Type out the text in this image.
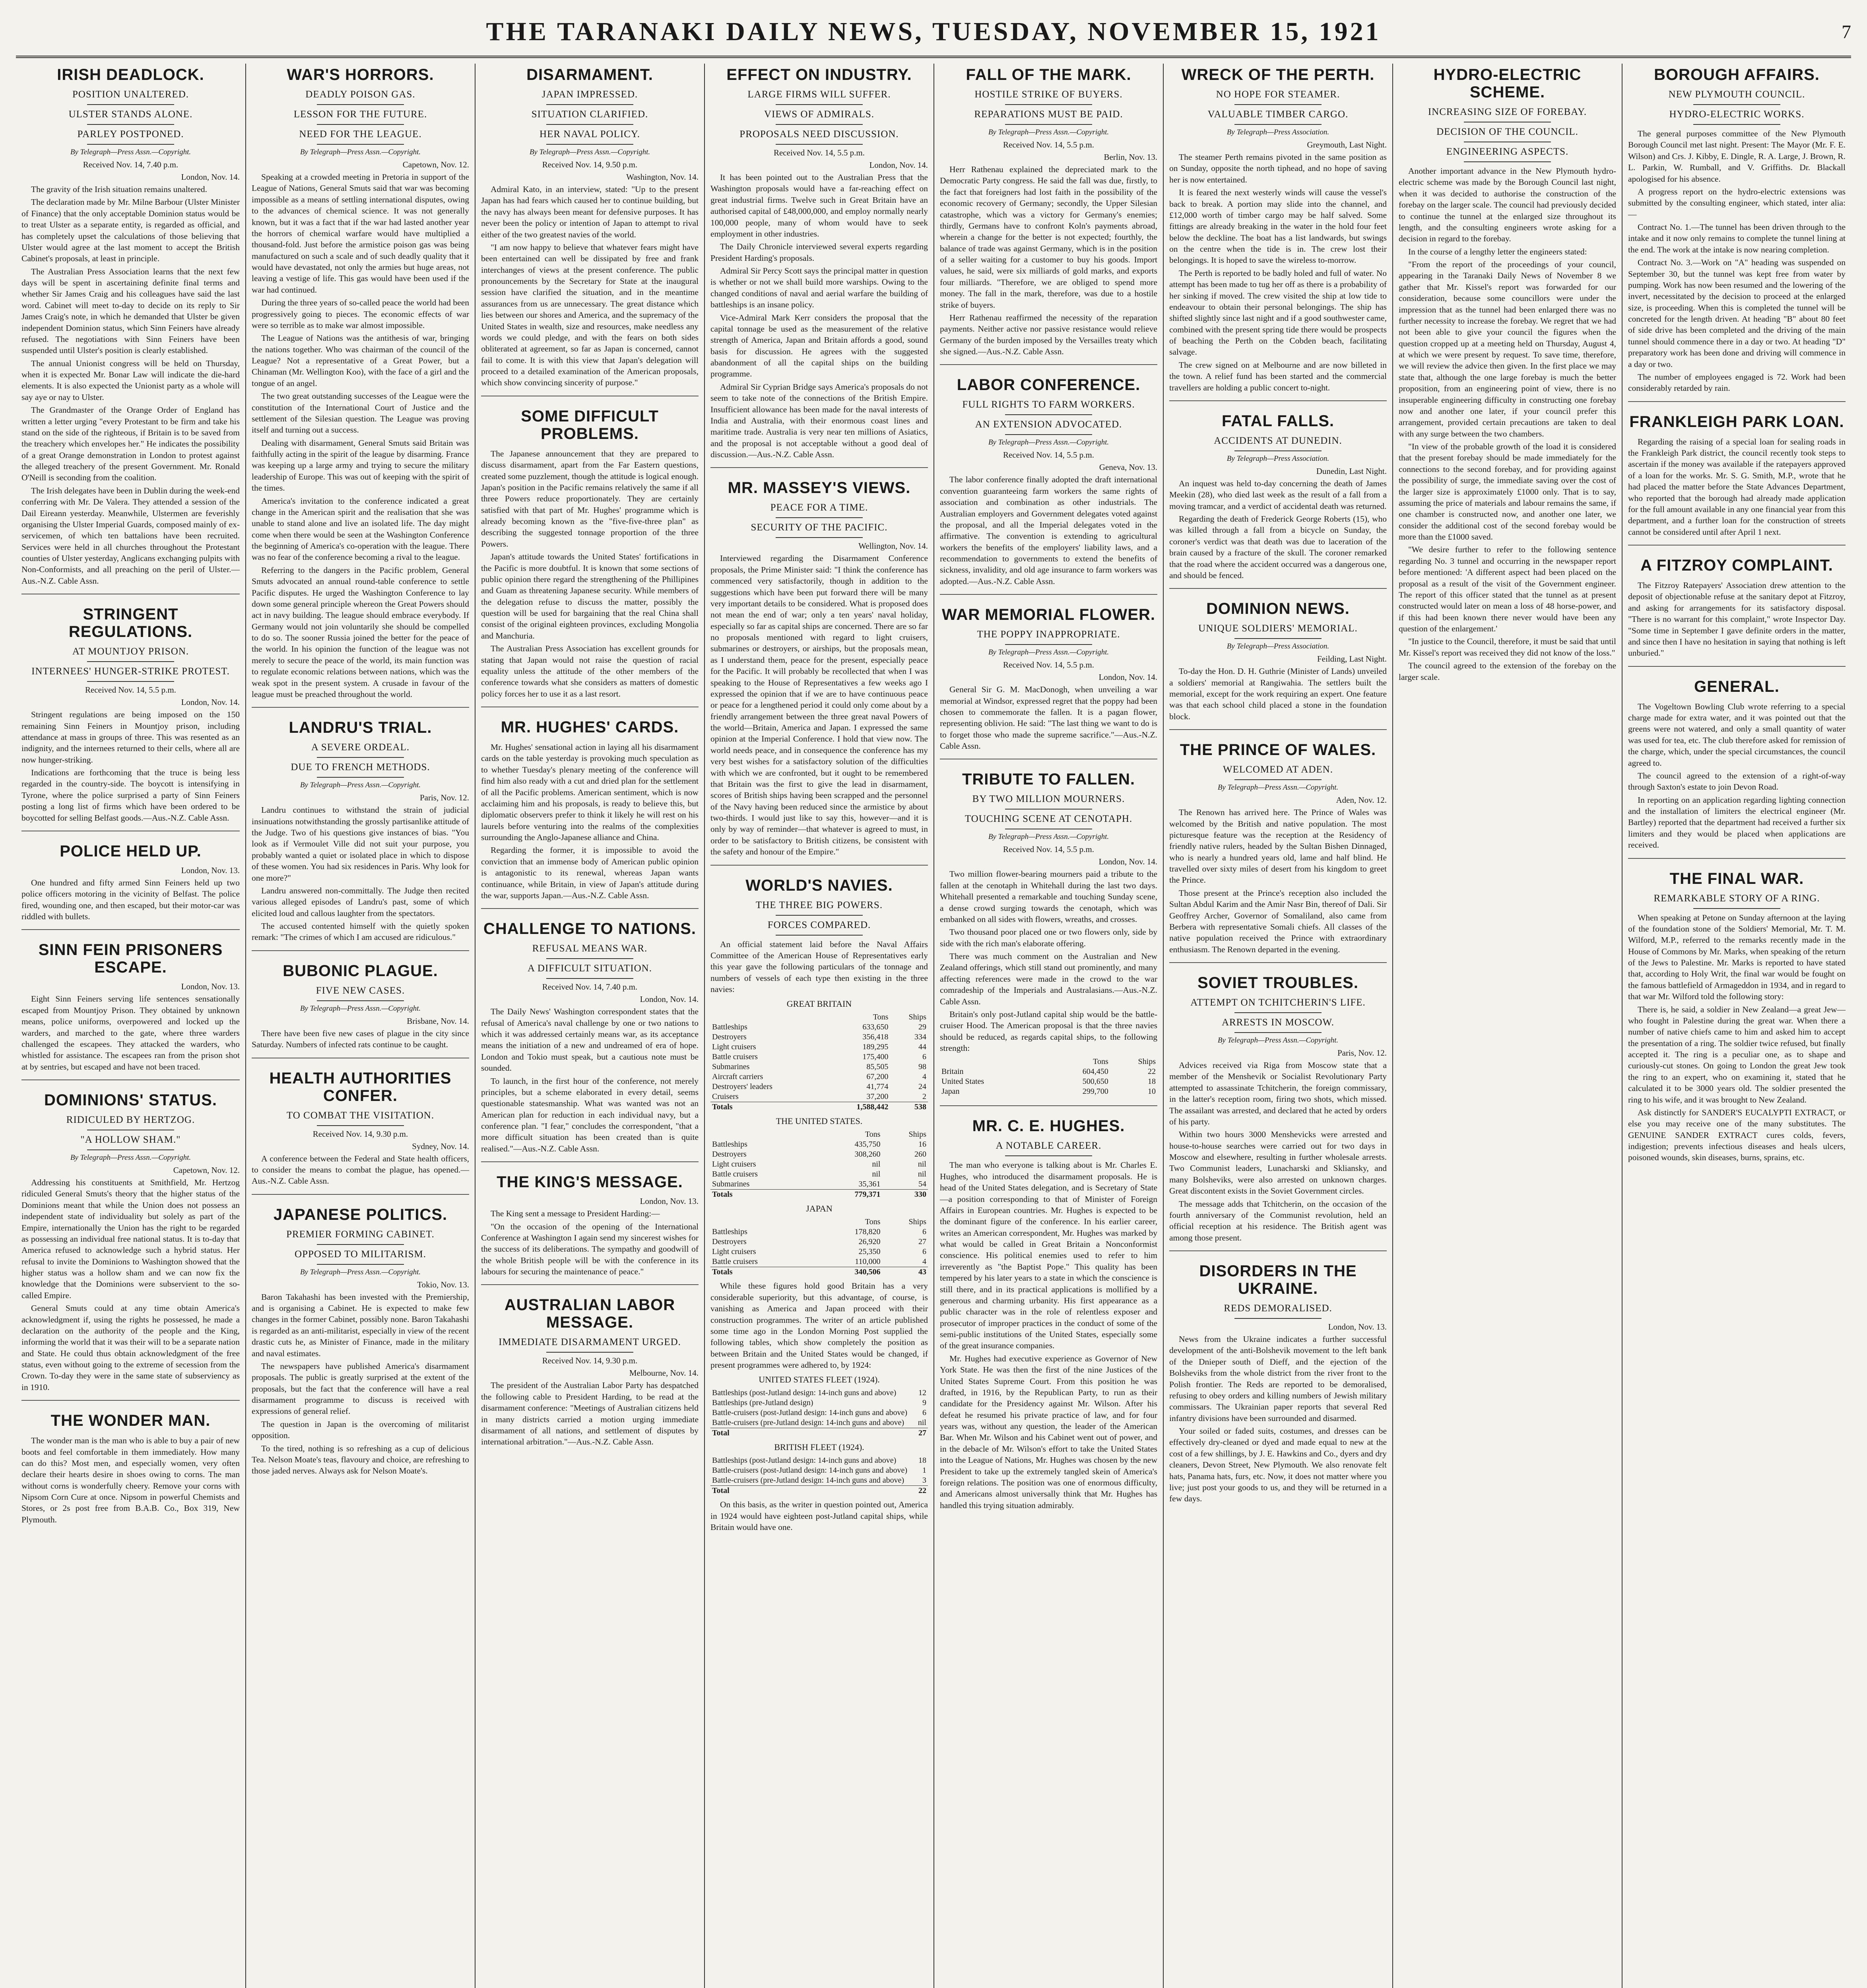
THE TARANAKI DAILY NEWS, TUESDAY, NOVEMBER 15, 1921	7
IRISH DEADLOCK.
POSITION UNALTERED.
ULSTER STANDS ALONE.
PARLEY POSTPONED.
By Telegraph—Press Assn.—Copyright.
Received Nov. 14, 7.40 p.m.
London, Nov. 14.

The gravity of the Irish situation remains unaltered.

The declaration made by Mr. Milne Barbour (Ulster Minister of Finance) that the only acceptable Dominion status would be to treat Ulster as a separate entity, is regarded as official, and has completely upset the calculations of those believing that Ulster would agree at the last moment to accept the British Cabinet's proposals, at least in principle.

The Australian Press Association learns that the next few days will be spent in ascertaining definite final terms and whether Sir James Craig and his colleagues have said the last word. Cabinet will meet to-day to decide on its reply to Sir James Craig's note, in which he demanded that Ulster be given independent Dominion status, which Sinn Feiners have already refused. The negotiations with Sinn Feiners have been suspended until Ulster's position is clearly established.

The annual Unionist congress will be held on Thursday, when it is expected Mr. Bonar Law will indicate the die-hard elements. It is also expected the Unionist party as a whole will say aye or nay to Ulster.

The Grandmaster of the Orange Order of England has written a letter urging "every Protestant to be firm and take his stand on the side of the righteous, if Britain is to be saved from the treachery which envelopes her." He indicates the possibility of a great Orange demonstration in London to protest against the alleged treachery of the present Government. Mr. Ronald O'Neill is seconding from the coalition.

The Irish delegates have been in Dublin during the week-end conferring with Mr. De Valera. They attended a session of the Dail Eireann yesterday. Meanwhile, Ulstermen are feverishly organising the Ulster Imperial Guards, composed mainly of ex-servicemen, of which ten battalions have been recruited. Services were held in all churches throughout the Protestant counties of Ulster yesterday, Anglicans exchanging pulpits with Non-Conformists, and all preaching on the peril of Ulster.—Aus.-N.Z. Cable Assn.

STRINGENT REGULATIONS.
AT MOUNTJOY PRISON.
INTERNEES' HUNGER-STRIKE PROTEST.
Received Nov. 14, 5.5 p.m.
London, Nov. 14.

Stringent regulations are being imposed on the 150 remaining Sinn Feiners in Mountjoy prison, including attendance at mass in groups of three. This was resented as an indignity, and the internees returned to their cells, where all are now hunger-striking.

Indications are forthcoming that the truce is being less regarded in the country-side. The boycott is intensifying in Tyrone, where the police surprised a party of Sinn Feiners posting a long list of firms which have been ordered to be boycotted for selling Belfast goods.—Aus.-N.Z. Cable Assn.

POLICE HELD UP.
London, Nov. 13.

One hundred and fifty armed Sinn Feiners held up two police officers motoring in the vicinity of Belfast. The police fired, wounding one, and then escaped, but their motor-car was riddled with bullets.

SINN FEIN PRISONERS ESCAPE.
London, Nov. 13.

Eight Sinn Feiners serving life sentences sensationally escaped from Mountjoy Prison. They obtained by unknown means, police uniforms, overpowered and locked up the warders, and marched to the gate, where three warders challenged the escapees. They attacked the warders, who whistled for assistance. The escapees ran from the prison shot at by sentries, but escaped and have not been traced.

DOMINIONS' STATUS.
RIDICULED BY HERTZOG.
"A HOLLOW SHAM."
By Telegraph—Press Assn.—Copyright.
Capetown, Nov. 12.

Addressing his constituents at Smithfield, Mr. Hertzog ridiculed General Smuts's theory that the higher status of the Dominions meant that while the Union does not possess an independent state of individuality but solely as part of the Empire, internationally the Union has the right to be regarded as possessing an individual free national status. It is to-day that America refused to acknowledge such a hybrid status. Her refusal to invite the Dominions to Washington showed that the higher status was a hollow sham and we can now fix the knowledge that the Dominions were subservient to the so-called Empire.

General Smuts could at any time obtain America's acknowledgment if, using the rights he possessed, he made a declaration on the authority of the people and the King, informing the world that it was their will to be a separate nation and State. He could thus obtain acknowledgment of the free status, even without going to the extreme of secession from the Crown. To-day they were in the same state of subserviency as in 1910.

THE WONDER MAN.

The wonder man is the man who is able to buy a pair of new boots and feel comfortable in them immediately. How many can do this? Most men, and especially women, very often declare their hearts desire in shoes owing to corns. The man without corns is wonderfully cheery. Remove your corns with Nipsom Corn Cure at once. Nipsom in powerful Chemists and Stores, or 2s post free from B.A.B. Co., Box 319, New Plymouth.

WAR'S HORRORS.
DEADLY POISON GAS.
LESSON FOR THE FUTURE.
NEED FOR THE LEAGUE.
By Telegraph—Press Assn.—Copyright.
Capetown, Nov. 12.

Speaking at a crowded meeting in Pretoria in support of the League of Nations, General Smuts said that war was becoming impossible as a means of settling international disputes, owing to the advances of chemical science. It was not generally known, but it was a fact that if the war had lasted another year the horrors of chemical warfare would have multiplied a thousand-fold. Just before the armistice poison gas was being manufactured on such a scale and of such deadly quality that it would have devastated, not only the armies but huge areas, not leaving a vestige of life. This gas would have been used if the war had continued.

During the three years of so-called peace the world had been progressively going to pieces. The economic effects of war were so terrible as to make war almost impossible.

The League of Nations was the antithesis of war, bringing the nations together. Who was chairman of the council of the League? Not a representative of a Great Power, but a Chinaman (Mr. Wellington Koo), with the face of a girl and the tongue of an angel.

The two great outstanding successes of the League were the constitution of the International Court of Justice and the settlement of the Silesian question. The League was proving itself and turning out a success.

Dealing with disarmament, General Smuts said Britain was faithfully acting in the spirit of the league by disarming. France was keeping up a large army and trying to secure the military leadership of Europe. This was out of keeping with the spirit of the times.

America's invitation to the conference indicated a great change in the American spirit and the realisation that she was unable to stand alone and live an isolated life. The day might come when there would be seen at the Washington Conference the beginning of America's co-operation with the league. There was no fear of the conference becoming a rival to the league.

Referring to the dangers in the Pacific problem, General Smuts advocated an annual round-table conference to settle Pacific disputes. He urged the Washington Conference to lay down some general principle whereon the Great Powers should act in navy building. The league should embrace everybody. If Germany would not join voluntarily she should be compelled to do so. The sooner Russia joined the better for the peace of the world. In his opinion the function of the league was not merely to secure the peace of the world, its main function was to regulate economic relations between nations, which was the weak spot in the present system. A crusade in favour of the league must be preached throughout the world.

LANDRU'S TRIAL.
A SEVERE ORDEAL.
DUE TO FRENCH METHODS.
By Telegraph—Press Assn.—Copyright.
Paris, Nov. 12.

Landru continues to withstand the strain of judicial insinuations notwithstanding the grossly partisanlike attitude of the Judge. Two of his questions give instances of bias. "You look as if Vermoulet Ville did not suit your purpose, you probably wanted a quiet or isolated place in which to dispose of these women. You had six residences in Paris. Why look for one more?"

Landru answered non-committally. The Judge then recited various alleged episodes of Landru's past, some of which elicited loud and callous laughter from the spectators.

The accused contented himself with the quietly spoken remark: "The crimes of which I am accused are ridiculous."

BUBONIC PLAGUE.
FIVE NEW CASES.
By Telegraph—Press Assn.—Copyright.
Brisbane, Nov. 14.

There have been five new cases of plague in the city since Saturday. Numbers of infected rats continue to be caught.

HEALTH AUTHORITIES CONFER.
TO COMBAT THE VISITATION.
Received Nov. 14, 9.30 p.m.
Sydney, Nov. 14.

A conference between the Federal and State health officers, to consider the means to combat the plague, has opened.—Aus.-N.Z. Cable Assn.

JAPANESE POLITICS.
PREMIER FORMING CABINET.
OPPOSED TO MILITARISM.
By Telegraph—Press Assn.—Copyright.
Tokio, Nov. 13.

Baron Takahashi has been invested with the Premiership, and is organising a Cabinet. He is expected to make few changes in the former Cabinet, possibly none. Baron Takahashi is regarded as an anti-militarist, especially in view of the recent drastic cuts he, as Minister of Finance, made in the military and naval estimates.

The newspapers have published America's disarmament proposals. The public is greatly surprised at the extent of the proposals, but the fact that the conference will have a real disarmament programme to discuss is received with expressions of general relief.

The question in Japan is the overcoming of militarist opposition.

To the tired, nothing is so refreshing as a cup of delicious Tea. Nelson Moate's teas, flavoury and choice, are refreshing to those jaded nerves. Always ask for Nelson Moate's.

DISARMAMENT.
JAPAN IMPRESSED.
SITUATION CLARIFIED.
HER NAVAL POLICY.
By Telegraph—Press Assn.—Copyright.
Received Nov. 14, 9.50 p.m.
Washington, Nov. 14.

Admiral Kato, in an interview, stated: "Up to the present Japan has had fears which caused her to continue building, but the navy has always been meant for defensive purposes. It has never been the policy or intention of Japan to attempt to rival either of the two greatest navies of the world.

"I am now happy to believe that whatever fears might have been entertained can well be dissipated by free and frank interchanges of views at the present conference. The public pronouncements by the Secretary for State at the inaugural session have clarified the situation, and in the meantime assurances from us are unnecessary. The great distance which lies between our shores and America, and the supremacy of the United States in wealth, size and resources, make needless any words we could pledge, and with the fears on both sides obliterated at agreement, so far as Japan is concerned, cannot fail to come. It is with this view that Japan's delegation will proceed to a detailed examination of the American proposals, which show convincing sincerity of purpose."

SOME DIFFICULT PROBLEMS.

The Japanese announcement that they are prepared to discuss disarmament, apart from the Far Eastern questions, created some puzzlement, though the attitude is logical enough. Japan's position in the Pacific remains relatively the same if all three Powers reduce proportionately. They are certainly satisfied with that part of Mr. Hughes' programme which is already becoming known as the "five-five-three plan" as describing the suggested tonnage proportion of the three Powers.

Japan's attitude towards the United States' fortifications in the Pacific is more doubtful. It is known that some sections of public opinion there regard the strengthening of the Phillipines and Guam as threatening Japanese security. While members of the delegation refuse to discuss the matter, possibly the question will be used for bargaining that the real China shall consist of the original eighteen provinces, excluding Mongolia and Manchuria.

The Australian Press Association has excellent grounds for stating that Japan would not raise the question of racial equality unless the attitude of the other members of the conference towards what she considers as matters of domestic policy forces her to use it as a last resort.

MR. HUGHES' CARDS.

Mr. Hughes' sensational action in laying all his disarmament cards on the table yesterday is provoking much speculation as to whether Tuesday's plenary meeting of the conference will find him also ready with a cut and dried plan for the settlement of all the Pacific problems. American sentiment, which is now acclaiming him and his proposals, is ready to believe this, but diplomatic observers prefer to think it likely he will rest on his laurels before venturing into the realms of the complexities surrounding the Anglo-Japanese alliance and China.

Regarding the former, it is impossible to avoid the conviction that an immense body of American public opinion is antagonistic to its renewal, whereas Japan wants continuance, while Britain, in view of Japan's attitude during the war, supports Japan.—Aus.-N.Z. Cable Assn.

CHALLENGE TO NATIONS.
REFUSAL MEANS WAR.
A DIFFICULT SITUATION.
Received Nov. 14, 7.40 p.m.
London, Nov. 14.

The Daily News' Washington correspondent states that the refusal of America's naval challenge by one or two nations to which it was addressed certainly means war, as its acceptance means the initiation of a new and undreamed of era of hope. London and Tokio must speak, but a cautious note must be sounded.

To launch, in the first hour of the conference, not merely principles, but a scheme elaborated in every detail, seems questionable statesmanship. What was wanted was not an American plan for reduction in each individual navy, but a conference plan. "I fear," concludes the correspondent, "that a more difficult situation has been created than is quite realised."—Aus.-N.Z. Cable Assn.

THE KING'S MESSAGE.
London, Nov. 13.

The King sent a message to President Harding:—

"On the occasion of the opening of the International Conference at Washington I again send my sincerest wishes for the success of its deliberations. The sympathy and goodwill of the whole British people will be with the conference in its labours for securing the maintenance of peace."

AUSTRALIAN LABOR MESSAGE.
IMMEDIATE DISARMAMENT URGED.
Received Nov. 14, 9.30 p.m.
Melbourne, Nov. 14.

The president of the Australian Labor Party has despatched the following cable to President Harding, to be read at the disarmament conference: "Meetings of Australian citizens held in many districts carried a motion urging immediate disarmament of all nations, and settlement of disputes by international arbitration."—Aus.-N.Z. Cable Assn.

EFFECT ON INDUSTRY.
LARGE FIRMS WILL SUFFER.
VIEWS OF ADMIRALS.
PROPOSALS NEED DISCUSSION.
Received Nov. 14, 5.5 p.m.
London, Nov. 14.

It has been pointed out to the Australian Press that the Washington proposals would have a far-reaching effect on great industrial firms. Twelve such in Great Britain have an authorised capital of £48,000,000, and employ normally nearly 100,000 people, many of whom would have to seek employment in other industries.

The Daily Chronicle interviewed several experts regarding President Harding's proposals.

Admiral Sir Percy Scott says the principal matter in question is whether or not we shall build more warships. Owing to the changed conditions of naval and aerial warfare the building of battleships is an insane policy.

Vice-Admiral Mark Kerr considers the proposal that the capital tonnage be used as the measurement of the relative strength of America, Japan and Britain affords a good, sound basis for discussion. He agrees with the suggested abandonment of all the capital ships on the building programme.

Admiral Sir Cyprian Bridge says America's proposals do not seem to take note of the connections of the British Empire. Insufficient allowance has been made for the naval interests of India and Australia, with their enormous coast lines and maritime trade. Australia is very near ten millions of Asiatics, and the proposal is not acceptable without a good deal of discussion.—Aus.-N.Z. Cable Assn.

MR. MASSEY'S VIEWS.
PEACE FOR A TIME.
SECURITY OF THE PACIFIC.
Wellington, Nov. 14.

Interviewed regarding the Disarmament Conference proposals, the Prime Minister said: "I think the conference has commenced very satisfactorily, though in addition to the suggestions which have been put forward there will be many very important details to be considered. What is proposed does not mean the end of war; only a ten years' naval holiday, especially so far as capital ships are concerned. There are so far no proposals mentioned with regard to light cruisers, submarines or destroyers, or airships, but the proposals mean, as I understand them, peace for the present, especially peace for the Pacific. It will probably be recollected that when I was speaking to the House of Representatives a few weeks ago I expressed the opinion that if we are to have continuous peace or peace for a lengthened period it could only come about by a friendly arrangement between the three great naval Powers of the world—Britain, America and Japan. I expressed the same opinion at the Imperial Conference. I hold that view now. The world needs peace, and in consequence the conference has my very best wishes for a satisfactory solution of the difficulties with which we are confronted, but it ought to be remembered that Britain was the first to give the lead in disarmament, scores of British ships having been scrapped and the personnel of the Navy having been reduced since the armistice by about two-thirds. I would just like to say this, however—and it is only by way of reminder—that whatever is agreed to must, in order to be satisfactory to British citizens, be consistent with the safety and honour of the Empire."

WORLD'S NAVIES.
THE THREE BIG POWERS.
FORCES COMPARED.

An official statement laid before the Naval Affairs Committee of the American House of Representatives early this year gave the following particulars of the tonnage and numbers of vessels of each type then existing in the three navies:

GREAT BRITAIN
	Tons	Ships
Battleships	633,650	29
Destroyers	356,418	334
Light cruisers	189,295	44
Battle cruisers	175,400	6
Submarines	85,505	98
Aircraft carriers	67,200	4
Destroyers' leaders	41,774	24
Cruisers	37,200	2
Totals	1,588,442	538
THE UNITED STATES.
	Tons	Ships
Battleships	435,750	16
Destroyers	308,260	260
Light cruisers	nil	nil
Battle cruisers	nil	nil
Submarines	35,361	54
Totals	779,371	330
JAPAN
	Tons	Ships
Battleships	178,820	6
Destroyers	26,920	27
Light cruisers	25,350	6
Battle cruisers	110,000	4
Totals	340,506	43

While these figures hold good Britain has a very considerable superiority, but this advantage, of course, is vanishing as America and Japan proceed with their construction programmes. The writer of an article published some time ago in the London Morning Post supplied the following tables, which show completely the position as between Britain and the United States would be changed, if present programmes were adhered to, by 1924:

UNITED STATES FLEET (1924).
Battleships (post-Jutland design: 14-inch guns and above)	12
Battleships (pre-Jutland design)	9
Battle-cruisers (post-Jutland design: 14-inch guns and above)	6
Battle-cruisers (pre-Jutland design: 14-inch guns and above)	nil
Total	27
BRITISH FLEET (1924).
Battleships (post-Jutland design: 14-inch guns and above)	18
Battle-cruisers (post-Jutland design: 14-inch guns and above)	1
Battle-cruisers (pre-Jutland design: 14-inch guns and above)	3
Total	22

On this basis, as the writer in question pointed out, America in 1924 would have eighteen post-Jutland capital ships, while Britain would have one.

FALL OF THE MARK.
HOSTILE STRIKE OF BUYERS.
REPARATIONS MUST BE PAID.
By Telegraph—Press Assn.—Copyright.
Received Nov. 14, 5.5 p.m.
Berlin, Nov. 13.

Herr Rathenau explained the depreciated mark to the Democratic Party congress. He said the fall was due, firstly, to the fact that foreigners had lost faith in the possibility of the economic recovery of Germany; secondly, the Upper Silesian catastrophe, which was a victory for Germany's enemies; thirdly, Germans have to confront Koln's payments abroad, wherein a change for the better is not expected; fourthly, the balance of trade was against Germany, which is in the position of a seller waiting for a customer to buy his goods. Import values, he said, were six milliards of gold marks, and exports four milliards. "Therefore, we are obliged to spend more money. The fall in the mark, therefore, was due to a hostile strike of buyers.

Herr Rathenau reaffirmed the necessity of the reparation payments. Neither active nor passive resistance would relieve Germany of the burden imposed by the Versailles treaty which she signed.—Aus.-N.Z. Cable Assn.

LABOR CONFERENCE.
FULL RIGHTS TO FARM WORKERS.
AN EXTENSION ADVOCATED.
By Telegraph—Press Assn.—Copyright.
Received Nov. 14, 5.5 p.m.
Geneva, Nov. 13.

The labor conference finally adopted the draft international convention guaranteeing farm workers the same rights of association and combination as other industrials. The Australian employers and Government delegates voted against the proposal, and all the Imperial delegates voted in the affirmative. The convention is extending to agricultural workers the benefits of the employers' liability laws, and a recommendation to governments to extend the benefits of sickness, invalidity, and old age insurance to farm workers was adopted.—Aus.-N.Z. Cable Assn.

WAR MEMORIAL FLOWER.
THE POPPY INAPPROPRIATE.
By Telegraph—Press Assn.—Copyright.
Received Nov. 14, 5.5 p.m.
London, Nov. 14.

General Sir G. M. MacDonogh, when unveiling a war memorial at Windsor, expressed regret that the poppy had been chosen to commemorate the fallen. It is a pagan flower, representing oblivion. He said: "The last thing we want to do is to forget those who made the supreme sacrifice."—Aus.-N.Z. Cable Assn.

TRIBUTE TO FALLEN.
BY TWO MILLION MOURNERS.
TOUCHING SCENE AT CENOTAPH.
By Telegraph—Press Assn.—Copyright.
Received Nov. 14, 5.5 p.m.
London, Nov. 14.

Two million flower-bearing mourners paid a tribute to the fallen at the cenotaph in Whitehall during the last two days. Whitehall presented a remarkable and touching Sunday scene, a dense crowd surging towards the cenotaph, which was embanked on all sides with flowers, wreaths, and crosses.

Two thousand poor placed one or two flowers only, side by side with the rich man's elaborate offering.

There was much comment on the Australian and New Zealand offerings, which still stand out prominently, and many affecting references were made in the crowd to the war comradeship of the Imperials and Australasians.—Aus.-N.Z. Cable Assn.

Britain's only post-Jutland capital ship would be the battle-cruiser Hood. The American proposal is that the three navies should be reduced, as regards capital ships, to the following strength:

	Tons	Ships
Britain	604,450	22
United States	500,650	18
Japan	299,700	10
MR. C. E. HUGHES.
A NOTABLE CAREER.

The man who everyone is talking about is Mr. Charles E. Hughes, who introduced the disarmament proposals. He is head of the United States delegation, and is Secretary of State—a position corresponding to that of Minister of Foreign Affairs in European countries. Mr. Hughes is expected to be the dominant figure of the conference. In his earlier career, writes an American correspondent, Mr. Hughes was marked by what would be called in Great Britain a Nonconformist conscience. His political enemies used to refer to him irreverently as "the Baptist Pope." This quality has been tempered by his later years to a state in which the conscience is still there, and in its practical applications is mollified by a generous and charming urbanity. His first appearance as a public character was in the role of relentless exposer and prosecutor of improper practices in the conduct of some of the semi-public institutions of the United States, especially some of the great insurance companies.

Mr. Hughes had executive experience as Governor of New York State. He was then the first of the nine Justices of the United States Supreme Court. From this position he was drafted, in 1916, by the Republican Party, to run as their candidate for the Presidency against Mr. Wilson. After his defeat he resumed his private practice of law, and for four years was, without any question, the leader of the American Bar. When Mr. Wilson and his Cabinet went out of power, and in the debacle of Mr. Wilson's effort to take the United States into the League of Nations, Mr. Hughes was chosen by the new President to take up the extremely tangled skein of America's foreign relations. The position was one of enormous difficulty, and Americans almost universally think that Mr. Hughes has handled this trying situation admirably.

WRECK OF THE PERTH.
NO HOPE FOR STEAMER.
VALUABLE TIMBER CARGO.
By Telegraph—Press Association.
Greymouth, Last Night.

The steamer Perth remains pivoted in the same position as on Sunday, opposite the north tiphead, and no hope of saving her is now entertained.

It is feared the next westerly winds will cause the vessel's back to break. A portion may slide into the channel, and £12,000 worth of timber cargo may be half salved. Some fittings are already breaking in the water in the hold four feet below the deckline. The boat has a list landwards, but swings on the centre when the tide is in. The crew lost their belongings. It is hoped to save the wireless to-morrow.

The Perth is reported to be badly holed and full of water. No attempt has been made to tug her off as there is a probability of her sinking if moved. The crew visited the ship at low tide to endeavour to obtain their personal belongings. The ship has shifted slightly since last night and if a good southwester came, combined with the present spring tide there would be prospects of beaching the Perth on the Cobden beach, facilitating salvage.

The crew signed on at Melbourne and are now billeted in the town. A relief fund has been started and the commercial travellers are holding a public concert to-night.

FATAL FALLS.
ACCIDENTS AT DUNEDIN.
By Telegraph—Press Association.
Dunedin, Last Night.

An inquest was held to-day concerning the death of James Meekin (28), who died last week as the result of a fall from a moving tramcar, and a verdict of accidental death was returned.

Regarding the death of Frederick George Roberts (15), who was killed through a fall from a bicycle on Sunday, the coroner's verdict was that death was due to laceration of the brain caused by a fracture of the skull. The coroner remarked that the road where the accident occurred was a dangerous one, and should be fenced.

DOMINION NEWS.
UNIQUE SOLDIERS' MEMORIAL.
By Telegraph—Press Association.
Feilding, Last Night.

To-day the Hon. D. H. Guthrie (Minister of Lands) unveiled a soldiers' memorial at Rangiwahia. The settlers built the memorial, except for the work requiring an expert. One feature was that each school child placed a stone in the foundation block.

THE PRINCE OF WALES.
WELCOMED AT ADEN.
By Telegraph—Press Assn.—Copyright.
Aden, Nov. 12.

The Renown has arrived here. The Prince of Wales was welcomed by the British and native population. The most picturesque feature was the reception at the Residency of friendly native rulers, headed by the Sultan Bishen Dinnaged, who is nearly a hundred years old, lame and half blind. He travelled over sixty miles of desert from his kingdom to greet the Prince.

Those present at the Prince's reception also included the Sultan Abdul Karim and the Amir Nasr Bin, thereof of Dali. Sir Geoffrey Archer, Governor of Somaliland, also came from Berbera with representative Somali chiefs. All classes of the native population received the Prince with extraordinary enthusiasm. The Renown departed in the evening.

SOVIET TROUBLES.
ATTEMPT ON TCHITCHERIN'S LIFE.
ARRESTS IN MOSCOW.
By Telegraph—Press Assn.—Copyright.
Paris, Nov. 12.

Advices received via Riga from Moscow state that a member of the Menshevik or Socialist Revolutionary Party attempted to assassinate Tchitcherin, the foreign commissary, in the latter's reception room, firing two shots, which missed. The assailant was arrested, and declared that he acted by orders of his party.

Within two hours 3000 Menshevicks were arrested and house-to-house searches were carried out for two days in Moscow and elsewhere, resulting in further wholesale arrests. Two Communist leaders, Lunacharski and Skliansky, and many Bolsheviks, were also arrested on unknown charges. Great discontent exists in the Soviet Government circles.

The message adds that Tchitcherin, on the occasion of the fourth anniversary of the Communist revolution, held an official reception at his residence. The British agent was among those present.

DISORDERS IN THE UKRAINE.
REDS DEMORALISED.
London, Nov. 13.

News from the Ukraine indicates a further successful development of the anti-Bolshevik movement to the left bank of the Dnieper south of Dieff, and the ejection of the Bolsheviks from the whole district from the river front to the Polish frontier. The Reds are reported to be demoralised, refusing to obey orders and killing numbers of Jewish military commissars. The Ukrainian paper reports that several Red infantry divisions have been surrounded and disarmed.

Your soiled or faded suits, costumes, and dresses can be effectively dry-cleaned or dyed and made equal to new at the cost of a few shillings, by J. E. Hawkins and Co., dyers and dry cleaners, Devon Street, New Plymouth. We also renovate felt hats, Panama hats, furs, etc. Now, it does not matter where you live; just post your goods to us, and they will be returned in a few days.

HYDRO-ELECTRIC SCHEME.
INCREASING SIZE OF FOREBAY.
DECISION OF THE COUNCIL.
ENGINEERING ASPECTS.

Another important advance in the New Plymouth hydro-electric scheme was made by the Borough Council last night, when it was decided to authorise the construction of the forebay on the larger scale. The council had previously decided to continue the tunnel at the enlarged size throughout its length, and the consulting engineers wrote asking for a decision in regard to the forebay.

In the course of a lengthy letter the engineers stated:

"From the report of the proceedings of your council, appearing in the Taranaki Daily News of November 8 we gather that Mr. Kissel's report was forwarded for our consideration, because some councillors were under the impression that as the tunnel had been enlarged there was no further necessity to increase the forebay. We regret that we had not been able to give your council the figures when the question cropped up at a meeting held on Thursday, August 4, at which we were present by request. To save time, therefore, we will review the advice then given. In the first place we may state that, although the one large forebay is much the better proposition, from an engineering point of view, there is no insuperable engineering difficulty in constructing one forebay now and another one later, if your council prefer this arrangement, provided certain precautions are taken to deal with any surge between the two chambers.

"In view of the probable growth of the load it is considered that the present forebay should be made immediately for the connections to the second forebay, and for providing against the possibility of surge, the immediate saving over the cost of the larger size is approximately £1000 only. That is to say, assuming the price of materials and labour remains the same, if one chamber is constructed now, and another one later, we consider the additional cost of the second forebay would be more than the £1000 saved.

"We desire further to refer to the following sentence regarding No. 3 tunnel and occurring in the newspaper report before mentioned: 'A different aspect had been placed on the proposal as a result of the visit of the Government engineer. The report of this officer stated that the tunnel as at present constructed would later on mean a loss of 48 horse-power, and if this had been known there never would have been any question of the enlargement.'

"In justice to the Council, therefore, it must be said that until Mr. Kissel's report was received they did not know of the loss."

The council agreed to the extension of the forebay on the larger scale.

BOROUGH AFFAIRS.
NEW PLYMOUTH COUNCIL.
HYDRO-ELECTRIC WORKS.

The general purposes committee of the New Plymouth Borough Council met last night. Present: The Mayor (Mr. F. E. Wilson) and Crs. J. Kibby, E. Dingle, R. A. Large, J. Brown, R. L. Parkin, W. Rumball, and V. Griffiths. Dr. Blackall apologised for his absence.

A progress report on the hydro-electric extensions was submitted by the consulting engineer, which stated, inter alia:—

Contract No. 1.—The tunnel has been driven through to the intake and it now only remains to complete the tunnel lining at the end. The work at the intake is now nearing completion.

Contract No. 3.—Work on "A" heading was suspended on September 30, but the tunnel was kept free from water by pumping. Work has now been resumed and the lowering of the invert, necessitated by the decision to proceed at the enlarged size, is proceeding. When this is completed the tunnel will be concreted for the length driven. At heading "B" about 80 feet of side drive has been completed and the driving of the main tunnel should commence there in a day or two. At heading "D" preparatory work has been done and driving will commence in a day or two.

The number of employees engaged is 72. Work had been considerably retarded by rain.

FRANKLEIGH PARK LOAN.

Regarding the raising of a special loan for sealing roads in the Frankleigh Park district, the council recently took steps to ascertain if the money was available if the ratepayers approved of a loan for the works. Mr. S. G. Smith, M.P., wrote that he had placed the matter before the State Advances Department, who reported that the borough had already made application for the full amount available in any one financial year from this department, and a further loan for the construction of streets cannot be considered until after April 1 next.

A FITZROY COMPLAINT.

The Fitzroy Ratepayers' Association drew attention to the deposit of objectionable refuse at the sanitary depot at Fitzroy, and asking for arrangements for its satisfactory disposal. "There is no warrant for this complaint," wrote Inspector Day. "Some time in September I gave definite orders in the matter, and since then I have no hesitation in saying that nothing is left unburied."

GENERAL.

The Vogeltown Bowling Club wrote referring to a special charge made for extra water, and it was pointed out that the greens were not watered, and only a small quantity of water was used for tea, etc. The club therefore asked for remission of the charge, which, under the special circumstances, the council agreed to.

The council agreed to the extension of a right-of-way through Saxton's estate to join Devon Road.

In reporting on an application regarding lighting connection and the installation of limiters the electrical engineer (Mr. Bartley) reported that the department had received a further six limiters and they would be placed when applications are received.

THE FINAL WAR.
REMARKABLE STORY OF A RING.

When speaking at Petone on Sunday afternoon at the laying of the foundation stone of the Soldiers' Memorial, Mr. T. M. Wilford, M.P., referred to the remarks recently made in the House of Commons by Mr. Marks, when speaking of the return of the Jews to Palestine. Mr. Marks is reported to have stated that, according to Holy Writ, the final war would be fought on the famous battlefield of Armageddon in 1934, and in regard to that war Mr. Wilford told the following story:

There is, he said, a soldier in New Zealand—a great Jew—who fought in Palestine during the great war. When there a number of native chiefs came to him and asked him to accept the presentation of a ring. The soldier twice refused, but finally accepted it. The ring is a peculiar one, as to shape and curiously-cut stones. On going to London the great Jew took the ring to an expert, who on examining it, stated that he calculated it to be 3000 years old. The soldier presented the ring to his wife, and it was brought to New Zealand.

Ask distinctly for SANDER'S EUCALYPTI EXTRACT, or else you may receive one of the many substitutes. The GENUINE SANDER EXTRACT cures colds, fevers, indigestion; prevents infectious diseases and heals ulcers, poisoned wounds, skin diseases, burns, sprains, etc.
